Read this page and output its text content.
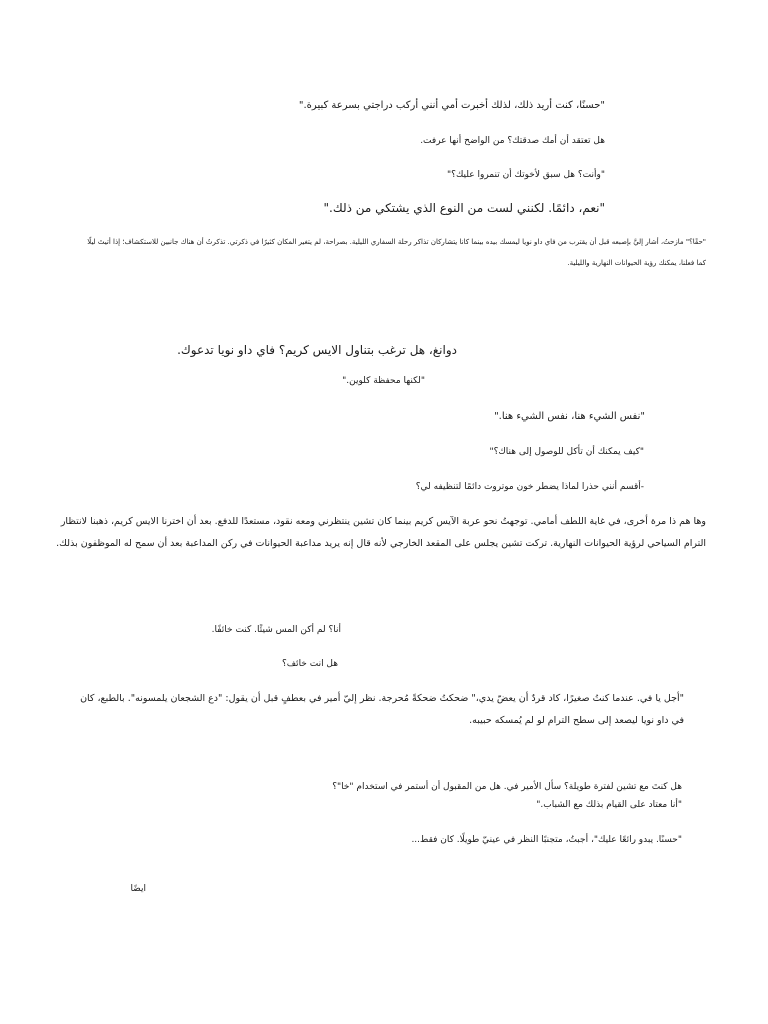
"حسنًا، كنت أريد ذلك، لذلك أخبرت أمي أنني أركب دراجتي بسرعة كبيرة."

هل تعتقد أن أمك صدقتك؟ من الواضح أنها عرفت.

"وأنت؟ هل سبق لأخوتك أن تنمروا عليك؟"

"نعم، دائمًا. لكنني لست من النوع الذي يشتكي من ذلك."

"حقًا؟" مازحتُ، أشار إليَّ بإصبعه قبل أن يقترب من فاي داو نويا ليمسك بيده بينما كانا يتشاركان تذاكر رحلة السفاري الليلية. بصراحة، لم يتغير المكان كثيرًا في ذكرتي. تذكرتُ أن هناك جانبين للاستكشاف؛ إذا أتيتَ ليلًا كما فعلنا، يمكنك رؤية الحيوانات النهارية والليلية.

دوانغ، هل ترغب بتناول الايس كريم؟ فاي داو نويا تدعوك.

"لكنها محفظة كلوين."

"نفس الشيء هنا، نفس الشيء هنا."

"كيف يمكنك أن تأكل للوصول إلى هناك؟"

-أقسم أنني حذرا لماذا يضطر خون موتروت دائمًا لتنظيفه لي؟

وها هم ذا مرة أخرى، في غاية اللطف أمامي. توجهتُ نحو عربة الآيس كريم بينما كان تشين ينتظرني ومعه نقود، مستعدًا للدفع. بعد أن اخترنا الايس كريم، ذهبنا لانتظار الترام السياحي لرؤية الحيوانات النهارية. تركت تشين يجلس على المقعد الخارجي لأنه قال إنه يريد مداعبة الحيوانات في ركن المداعبة بعد أن سمح له الموظفون بذلك.

أنا؟ لم أكن المس شيئًا. كنت خائفًا.

هل انت خائف؟

"أجل يا في. عندما كنتُ صغيرًا، كاد قردٌ أن يعضّ يدي،" ضحكتُ ضحكةً مُحرجة. نظر إليّ أمير في بعطفٍ قبل أن يقول: "دع الشجعان يلمسونه". بالطبع، كان في داو نويا ليصعد إلى سطح الترام لو لم يُمسكه حبيبه.

هل كنتَ مع تشين لفترة طويلة؟ سأل الأمير في. هل من المقبول أن أستمر في استخدام "خا"؟

"أنا معتاد على القيام بذلك مع الشباب."

"حسنًا. يبدو رائعًا عليك"، أجبتُ، متجنبًا النظر في عينيّ طويلًا. كان فقط...

ايضًا
